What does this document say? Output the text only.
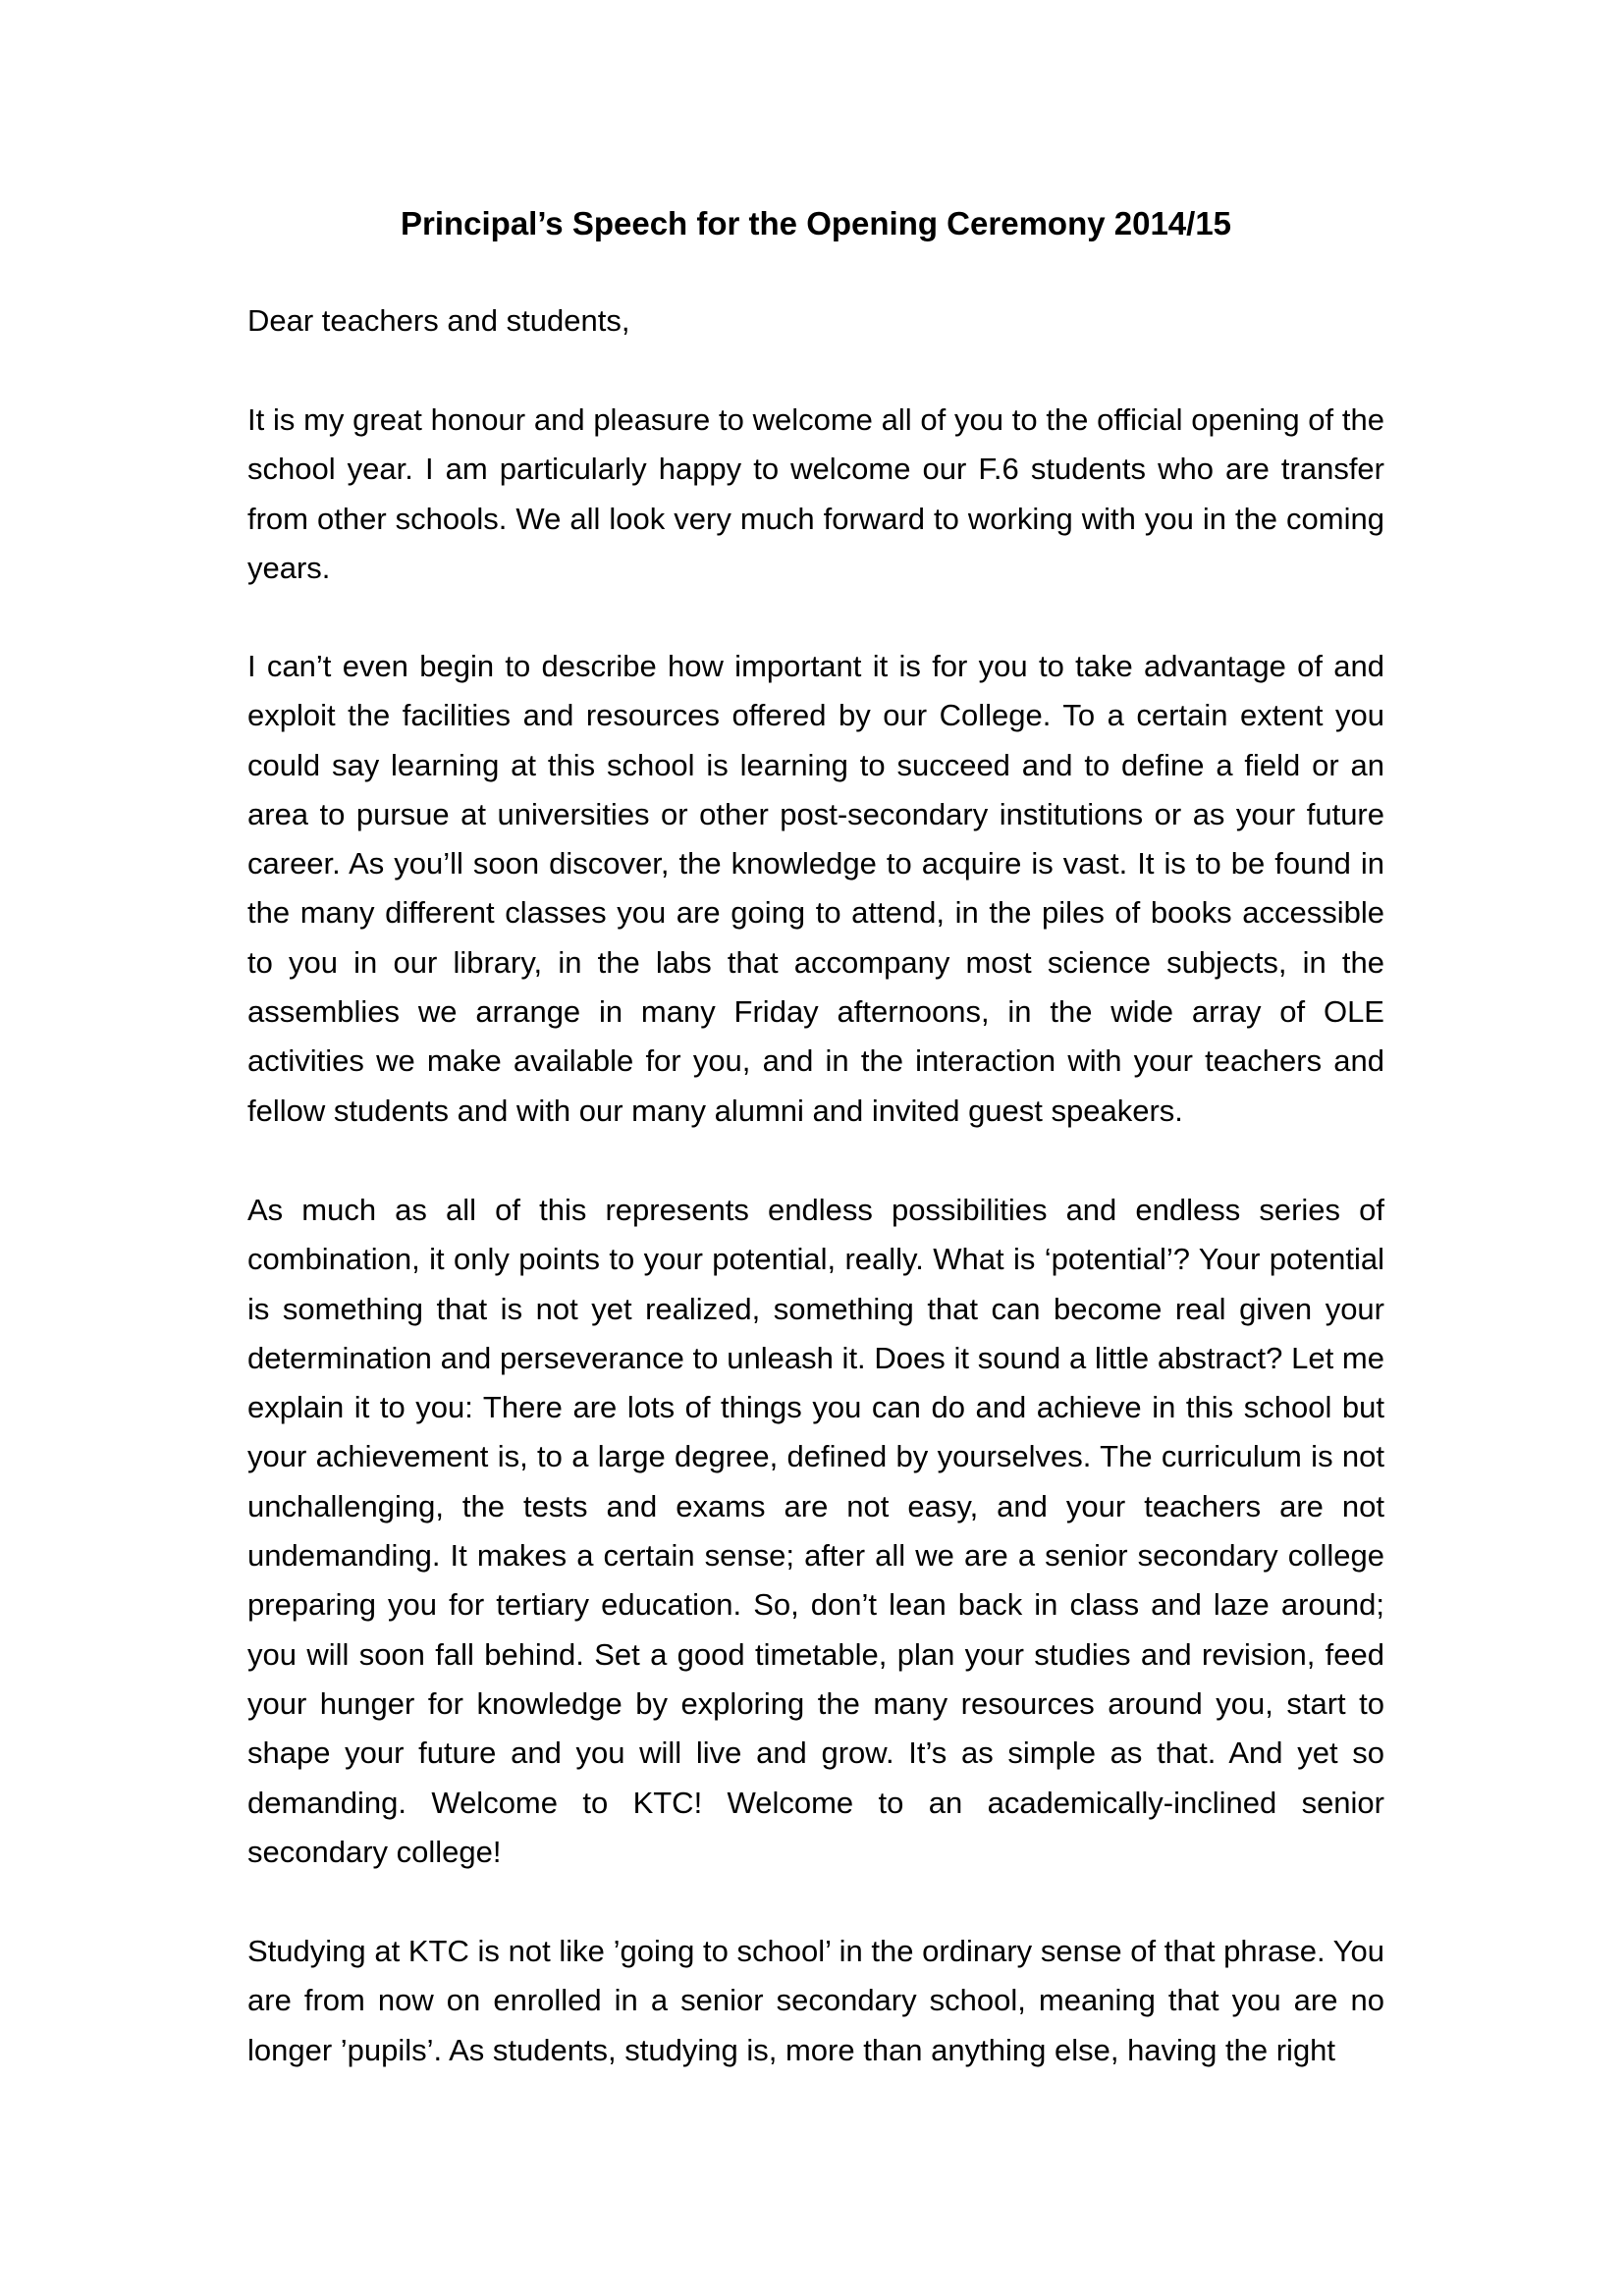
Principal’s Speech for the Opening Ceremony 2014/15

Dear teachers and students,

It is my great honour and pleasure to welcome all of you to the official opening of the school year. I am particularly happy to welcome our F.6 students who are transfer from other schools. We all look very much forward to working with you in the coming years.

I can’t even begin to describe how important it is for you to take advantage of and exploit the facilities and resources offered by our College. To a certain extent you could say learning at this school is learning to succeed and to define a field or an area to pursue at universities or other post-secondary institutions or as your future career. As you’ll soon discover, the knowledge to acquire is vast. It is to be found in the many different classes you are going to attend, in the piles of books accessible to you in our library, in the labs that accompany most science subjects, in the assemblies we arrange in many Friday afternoons, in the wide array of OLE activities we make available for you, and in the interaction with your teachers and fellow students and with our many alumni and invited guest speakers.

As much as all of this represents endless possibilities and endless series of combination, it only points to your potential, really. What is ‘potential’? Your potential is something that is not yet realized, something that can become real given your determination and perseverance to unleash it. Does it sound a little abstract? Let me explain it to you: There are lots of things you can do and achieve in this school but your achievement is, to a large degree, defined by yourselves. The curriculum is not unchallenging, the tests and exams are not easy, and your teachers are not undemanding. It makes a certain sense; after all we are a senior secondary college preparing you for tertiary education. So, don’t lean back in class and laze around; you will soon fall behind. Set a good timetable, plan your studies and revision, feed your hunger for knowledge by exploring the many resources around you, start to shape your future and you will live and grow. It’s as simple as that. And yet so demanding. Welcome to KTC! Welcome to an academically-inclined senior secondary college!

Studying at KTC is not like ’going to school’ in the ordinary sense of that phrase. You are from now on enrolled in a senior secondary school, meaning that you are no longer ’pupils’. As students, studying is, more than anything else, having the right
